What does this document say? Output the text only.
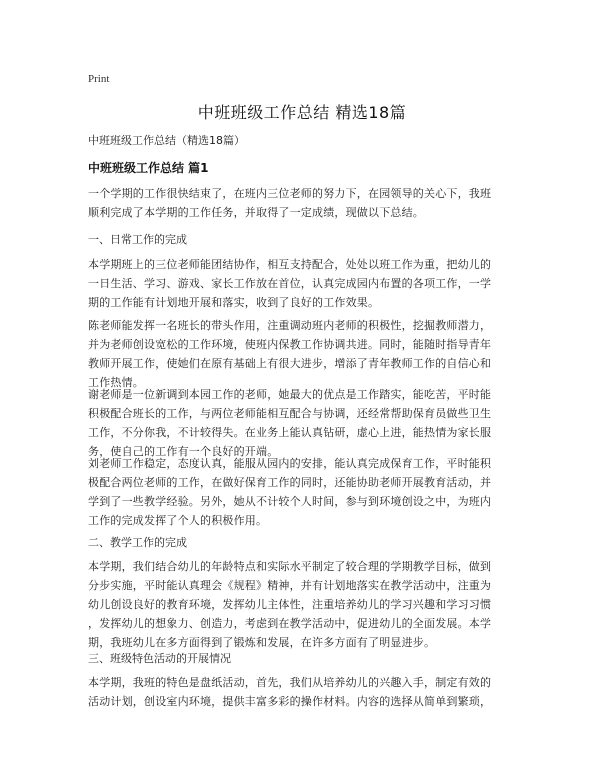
Print
中班班级工作总结 精选18篇
中班班级工作总结（精选18篇）
中班班级工作总结 篇1
一个学期的工作很快结束了，在班内三位老师的努力下，在园领导的关心下，我班
顺利完成了本学期的工作任务，并取得了一定成绩，现做以下总结。
一、日常工作的完成
本学期班上的三位老师能团结协作，相互支持配合，处处以班工作为重，把幼儿的
一日生活、学习、游戏、家长工作放在首位，认真完成园内布置的各项工作，一学
期的工作能有计划地开展和落实，收到了良好的工作效果。
陈老师能发挥一名班长的带头作用，注重调动班内老师的积极性，挖掘教师潜力，
并为老师创设宽松的工作环境，使班内保教工作协调共进。同时，能随时指导青年
教师开展工作，使她们在原有基础上有很大进步，增添了青年教师工作的自信心和
工作热情。
谢老师是一位新调到本园工作的老师，她最大的优点是工作踏实，能吃苦，平时能
积极配合班长的工作，与两位老师能相互配合与协调，还经常帮助保育员做些卫生
工作，不分你我，不计较得失。在业务上能认真钻研，虚心上进，能热情为家长服
务，使自己的工作有一个良好的开端。
刘老师工作稳定，态度认真，能服从园内的安排，能认真完成保育工作，平时能积
极配合两位老师的工作，在做好保育工作的同时，还能协助老师开展教育活动，并
学到了一些教学经验。另外，她从不计较个人时间，参与到环境创设之中，为班内
工作的完成发挥了个人的积极作用。
二、教学工作的完成
本学期，我们结合幼儿的年龄特点和实际水平制定了较合理的学期教学目标，做到
分步实施，平时能认真理会《规程》精神，并有计划地落实在教学活动中，注重为
幼儿创设良好的教育环境，发挥幼儿主体性，注重培养幼儿的学习兴趣和学习习惯
，发挥幼儿的想象力、创造力，考虑到在教学活动中，促进幼儿的全面发展。本学
期，我班幼儿在多方面得到了锻炼和发展，在许多方面有了明显进步。
三、班级特色活动的开展情况
本学期，我班的特色是盘纸活动，首先，我们从培养幼儿的兴趣入手，制定有效的
活动计划，创设室内环境，提供丰富多彩的操作材料。内容的选择从简单到繁琐，
